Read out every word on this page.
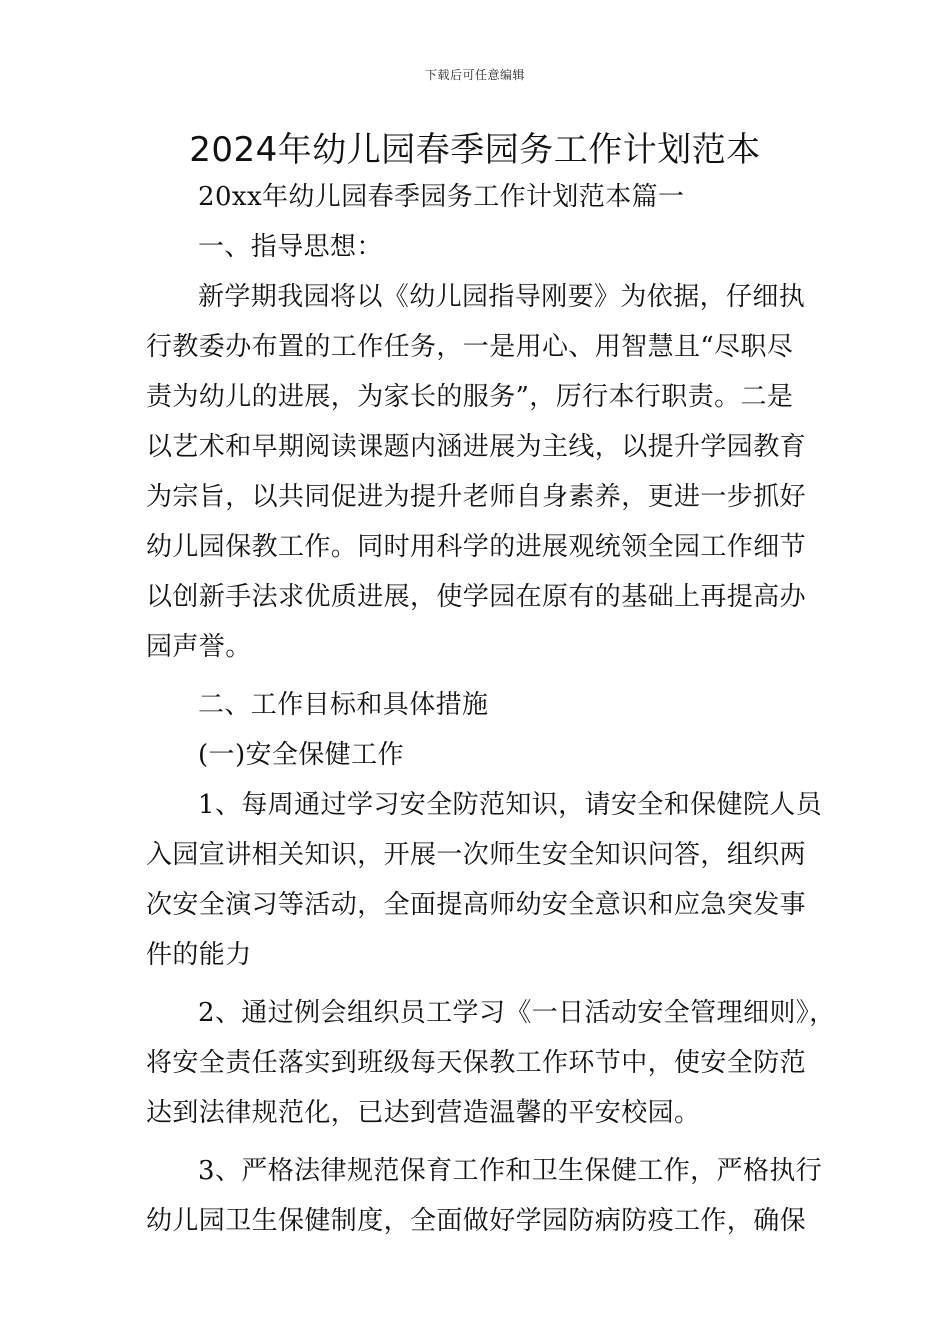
下载后可任意编辑
2024年幼儿园春季园务工作计划范本
20xx年幼儿园春季园务工作计划范本篇一
一、指导思想：
新学期我园将以《幼儿园指导刚要》为依据，仔细执
行教委办布置的工作任务，一是用心、用智慧且“尽职尽
责为幼儿的进展，为家长的服务”，厉行本行职责。二是
以艺术和早期阅读课题内涵进展为主线，以提升学园教育
为宗旨，以共同促进为提升老师自身素养，更进一步抓好
幼儿园保教工作。同时用科学的进展观统领全园工作细节
以创新手法求优质进展，使学园在原有的基础上再提高办
园声誉。
二、工作目标和具体措施
(一)安全保健工作
1、每周通过学习安全防范知识，请安全和保健院人员
入园宣讲相关知识，开展一次师生安全知识问答，组织两
次安全演习等活动，全面提高师幼安全意识和应急突发事
件的能力
2、通过例会组织员工学习《一日活动安全管理细则》，
将安全责任落实到班级每天保教工作环节中，使安全防范
达到法律规范化，已达到营造温馨的平安校园。
3、严格法律规范保育工作和卫生保健工作，严格执行
幼儿园卫生保健制度，全面做好学园防病防疫工作，确保
